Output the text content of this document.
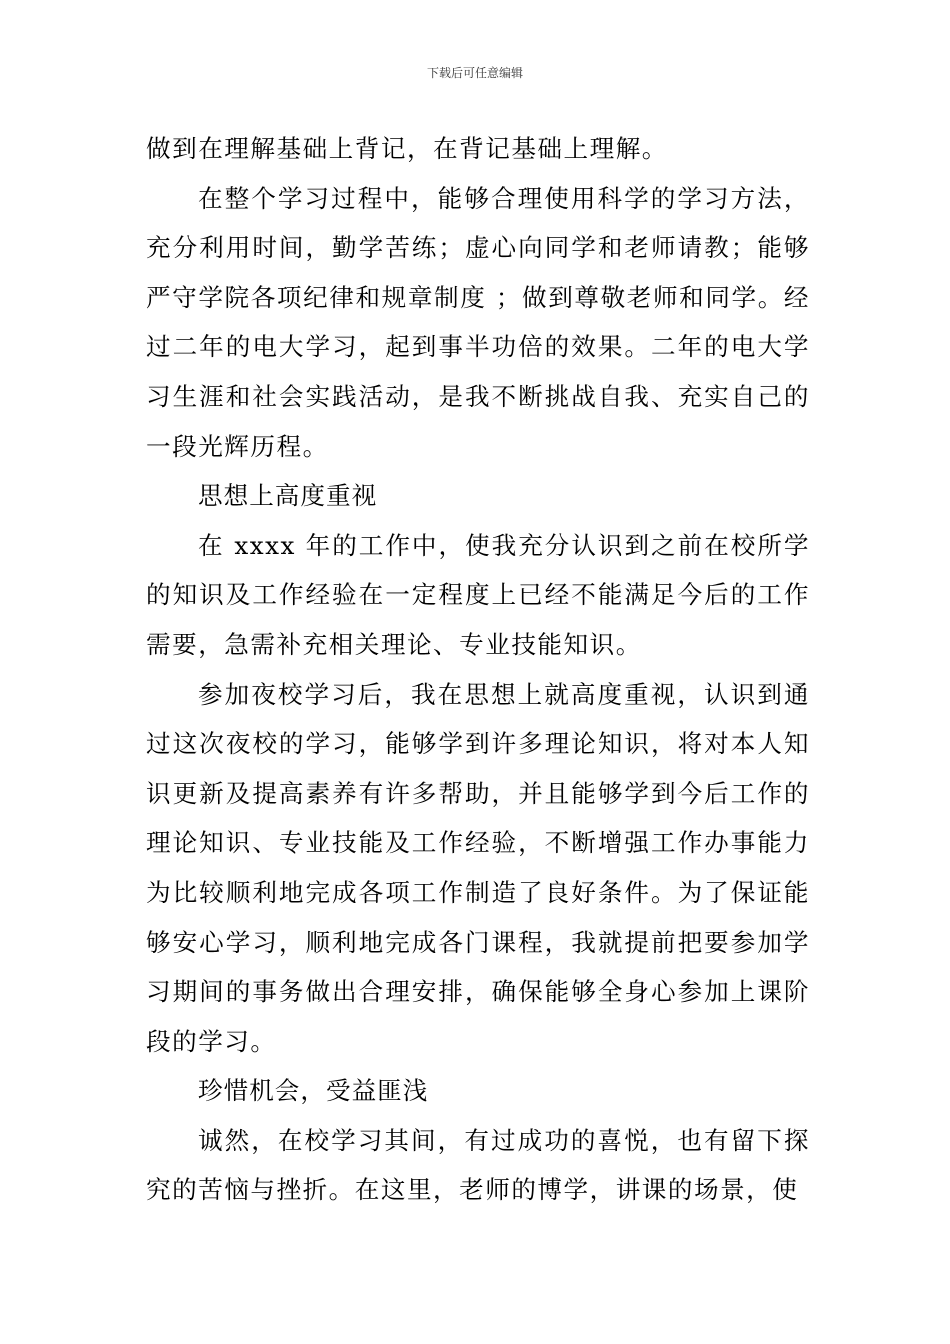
下载后可任意编辑

做到在理解基础上背记，在背记基础上理解。

在整个学习过程中，能够合理使用科学的学习方法，充分利用时间，勤学苦练；虚心向同学和老师请教；能够严守学院各项纪律和规章制度 ；做到尊敬老师和同学。经过二年的电大学习，起到事半功倍的效果。二年的电大学习生涯和社会实践活动，是我不断挑战自我、充实自己的一段光辉历程。

思想上高度重视

在 xxxx 年的工作中，使我充分认识到之前在校所学的知识及工作经验在一定程度上已经不能满足今后的工作需要，急需补充相关理论、专业技能知识。

参加夜校学习后，我在思想上就高度重视，认识到通过这次夜校的学习，能够学到许多理论知识，将对本人知识更新及提高素养有许多帮助，并且能够学到今后工作的理论知识、专业技能及工作经验，不断增强工作办事能力为比较顺利地完成各项工作制造了良好条件。为了保证能够安心学习，顺利地完成各门课程，我就提前把要参加学习期间的事务做出合理安排，确保能够全身心参加上课阶段的学习。

珍惜机会，受益匪浅

诚然，在校学习其间，有过成功的喜悦，也有留下探究的苦恼与挫折。在这里，老师的博学，讲课的场景，使
